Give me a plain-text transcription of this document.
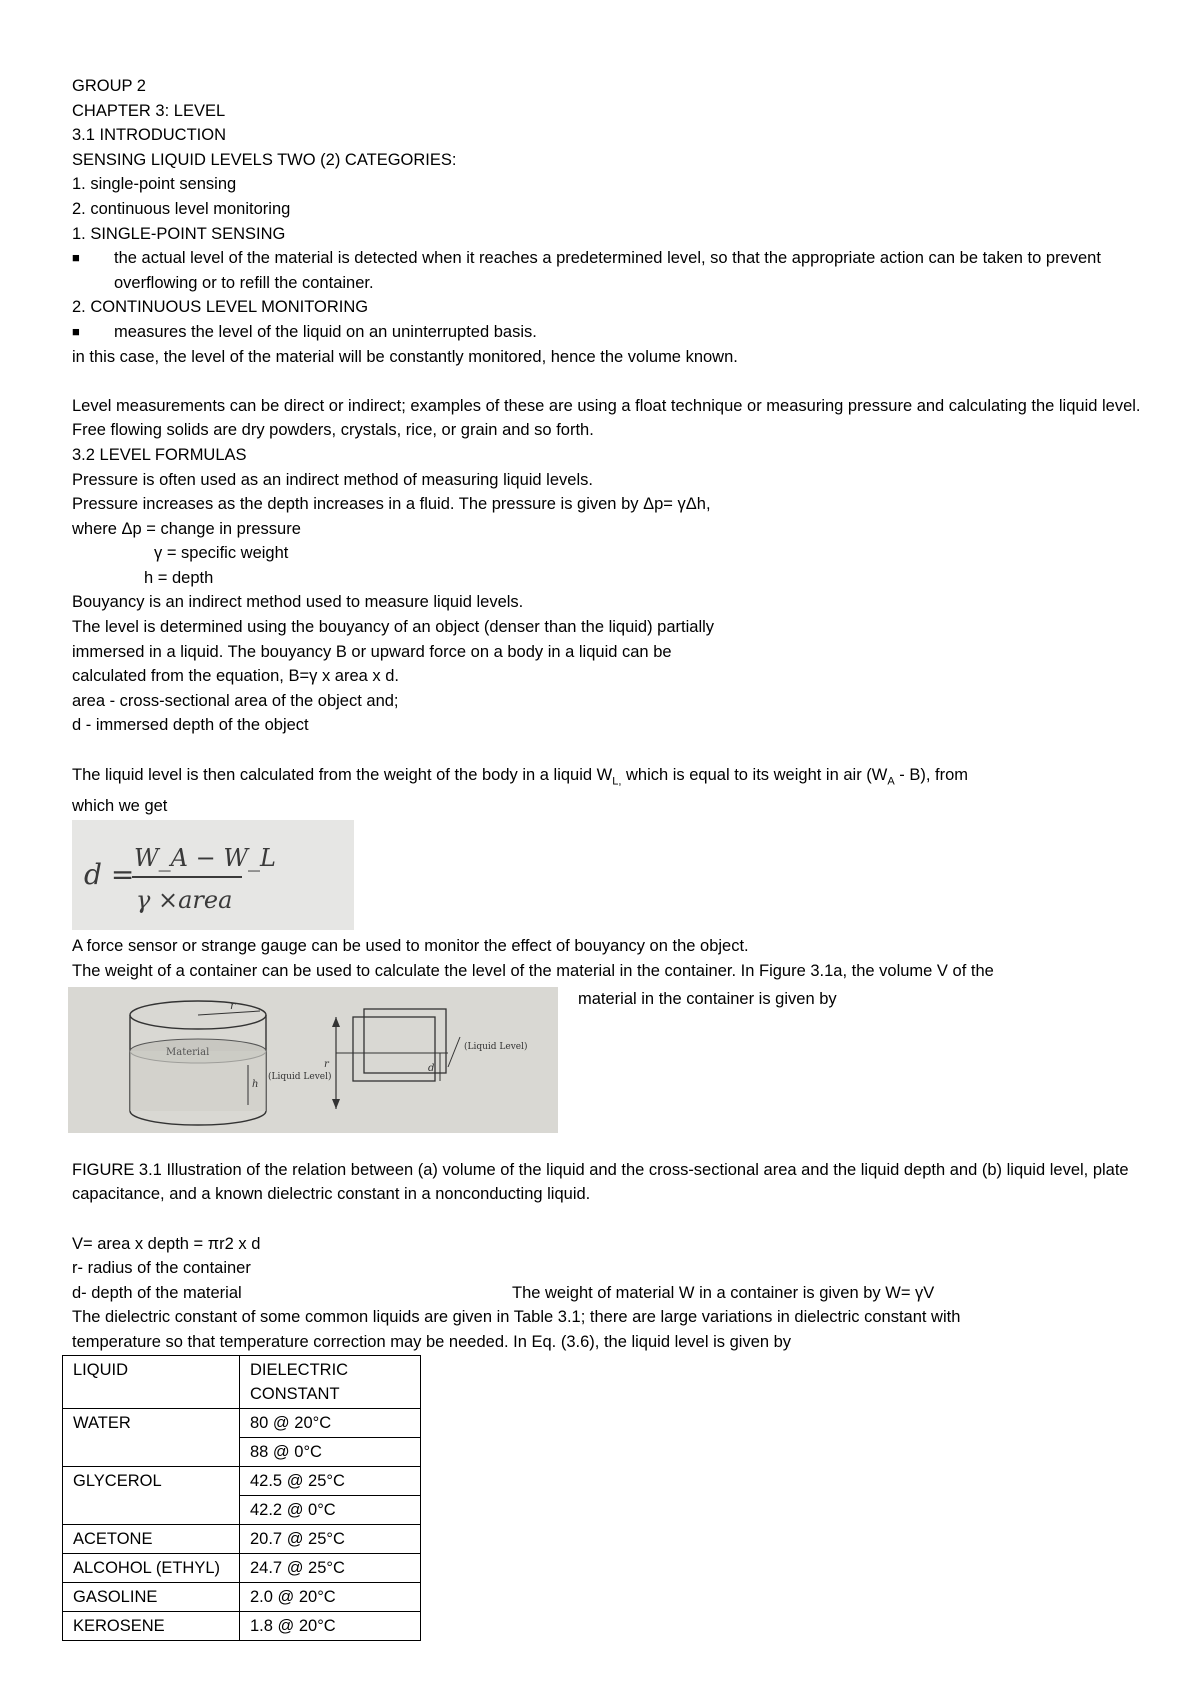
GROUP 2
CHAPTER 3: LEVEL
3.1 INTRODUCTION
SENSING LIQUID LEVELS TWO (2) CATEGORIES:
1. single-point sensing
2. continuous level monitoring
1. SINGLE-POINT SENSING
■	the actual level of the material is detected when it reaches a predetermined level, so that the appropriate action can be taken to prevent overflowing or to refill the container.
2. CONTINUOUS LEVEL MONITORING
■	measures the level of the liquid on an uninterrupted basis.
in this case, the level of the material will be constantly monitored, hence the volume known.
Level measurements can be direct or indirect; examples of these are using a float technique or measuring pressure and calculating the liquid level. Free flowing solids are dry powders, crystals, rice, or grain and so forth.
3.2 LEVEL FORMULAS
Pressure is often used as an indirect method of measuring liquid levels.
Pressure increases as the depth increases in a fluid. The pressure is given by Δp= γΔh,
where Δp = change in pressure
γ = specific weight
h = depth
Bouyancy is an indirect method used to measure liquid levels.
The level is determined using the bouyancy of an object (denser than the liquid) partially
immersed in a liquid. The bouyancy B or upward force on a body in a liquid can be
calculated from the equation, B=γ x area x d.
area - cross-sectional area of the object and;
d - immersed depth of the object
The liquid level is then calculated from the weight of the body in a liquid $W_{L,}$ which is equal to its weight in air $(W_A - B)$, from
which we get
d = W_A − W_L
γ ×area
A force sensor or strange gauge can be used to monitor the effect of bouyancy on the object.
The weight of a container can be used to calculate the level of the material in the container. In Figure 3.1a, the volume V of the
r
Material
h
(Liquid Level)
r	d
(Liquid Level)
material in the container is given by
FIGURE 3.1 Illustration of the relation between (a) volume of the liquid and the cross-sectional area and the liquid depth and (b) liquid level, plate capacitance, and a known dielectric constant in a nonconducting liquid.
V= area x depth = πr2 x d
r- radius of the container
d- depth of the material	The weight of material W in a container is given by W= γV
The dielectric constant of some common liquids are given in Table 3.1; there are large variations in dielectric constant with
temperature so that temperature correction may be needed. In Eq. (3.6), the liquid level is given by
LIQUID	DIELECTRIC
CONSTANT
WATER	80 @ 20°C
	88 @ 0°C
GLYCEROL	42.5 @ 25°C
	42.2 @ 0°C
ACETONE	20.7 @ 25°C
ALCOHOL (ETHYL)	24.7 @ 25°C
GASOLINE	2.0 @ 20°C
KEROSENE	1.8 @ 20°C
